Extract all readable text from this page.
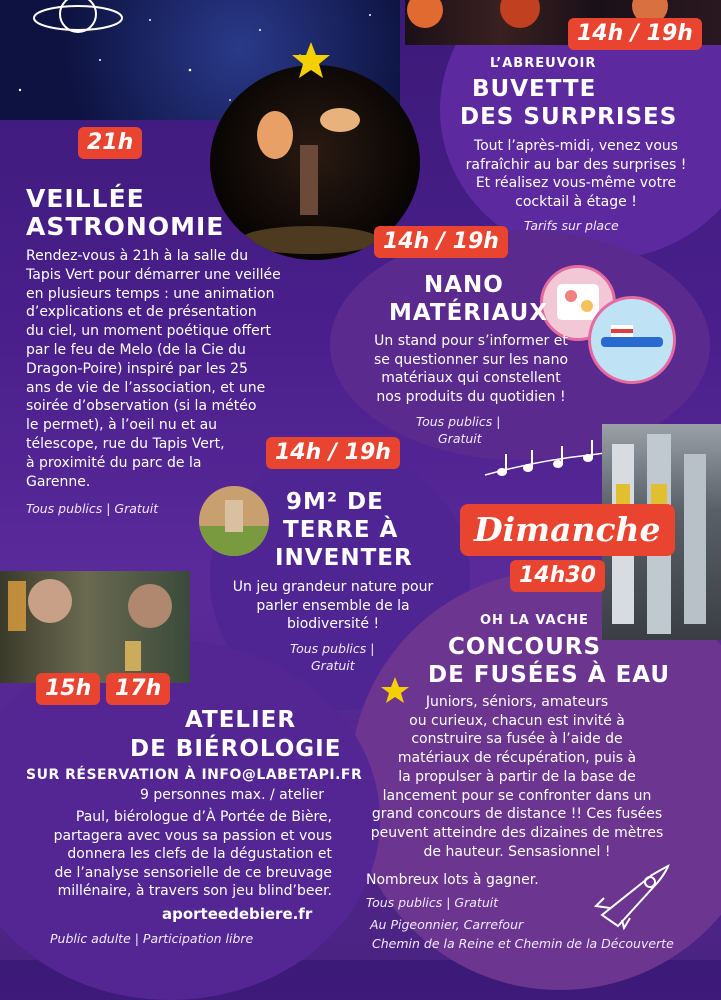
14h / 19h
L’ABREUVOIR
BUVETTE
DES SURPRISES
Tout l’après-midi, venez vous
rafraîchir au bar des surprises !
Et réalisez vous-même votre
cocktail à étage !
Tarifs sur place
21h
VEILLÉE
ASTRONOMIE
Rendez-vous à 21h à la salle du
Tapis Vert pour démarrer une veillée
en plusieurs temps : une animation
d’explications et de présentation
du ciel, un moment poétique offert
par le feu de Melo (de la Cie du
Dragon-Poire) inspiré par les 25
ans de vie de l’association, et une
soirée d’observation (si la météo
le permet), à l’oeil nu et au
télescope, rue du Tapis Vert,
à proximité du parc de la
Garenne.
Tous publics | Gratuit
14h / 19h
NANO
MATÉRIAUX
Un stand pour s’informer et
se questionner sur les nano
matériaux qui constellent
nos produits du quotidien !
Tous publics |
Gratuit
14h / 19h
9M² DE
TERRE À
INVENTER
Un jeu grandeur nature pour
parler ensemble de la
biodiversité !
Tous publics |
Gratuit
Dimanche
14h30
15h	17h
ATELIER
DE BIÉROLOGIE
SUR RÉSERVATION À INFO@LABETAPI.FR
9 personnes max. / atelier
Paul, biérologue d’À Portée de Bière,
partagera avec vous sa passion et vous
donnera les clefs de la dégustation et
de l’analyse sensorielle de ce breuvage
millénaire, à travers son jeu blind’beer.
aporteedebiere.fr
Public adulte | Participation libre
OH LA VACHE
CONCOURS
DE FUSÉES À EAU
Juniors, séniors, amateurs
ou curieux, chacun est invité à
construire sa fusée à l’aide de
matériaux de récupération, puis à
la propulser à partir de la base de
lancement pour se confronter dans un
grand concours de distance !! Ces fusées
peuvent atteindre des dizaines de mètres
de hauteur. Sensasionnel !
Nombreux lots à gagner.
Tous publics | Gratuit
Au Pigeonnier, Carrefour
Chemin de la Reine et Chemin de la Découverte
